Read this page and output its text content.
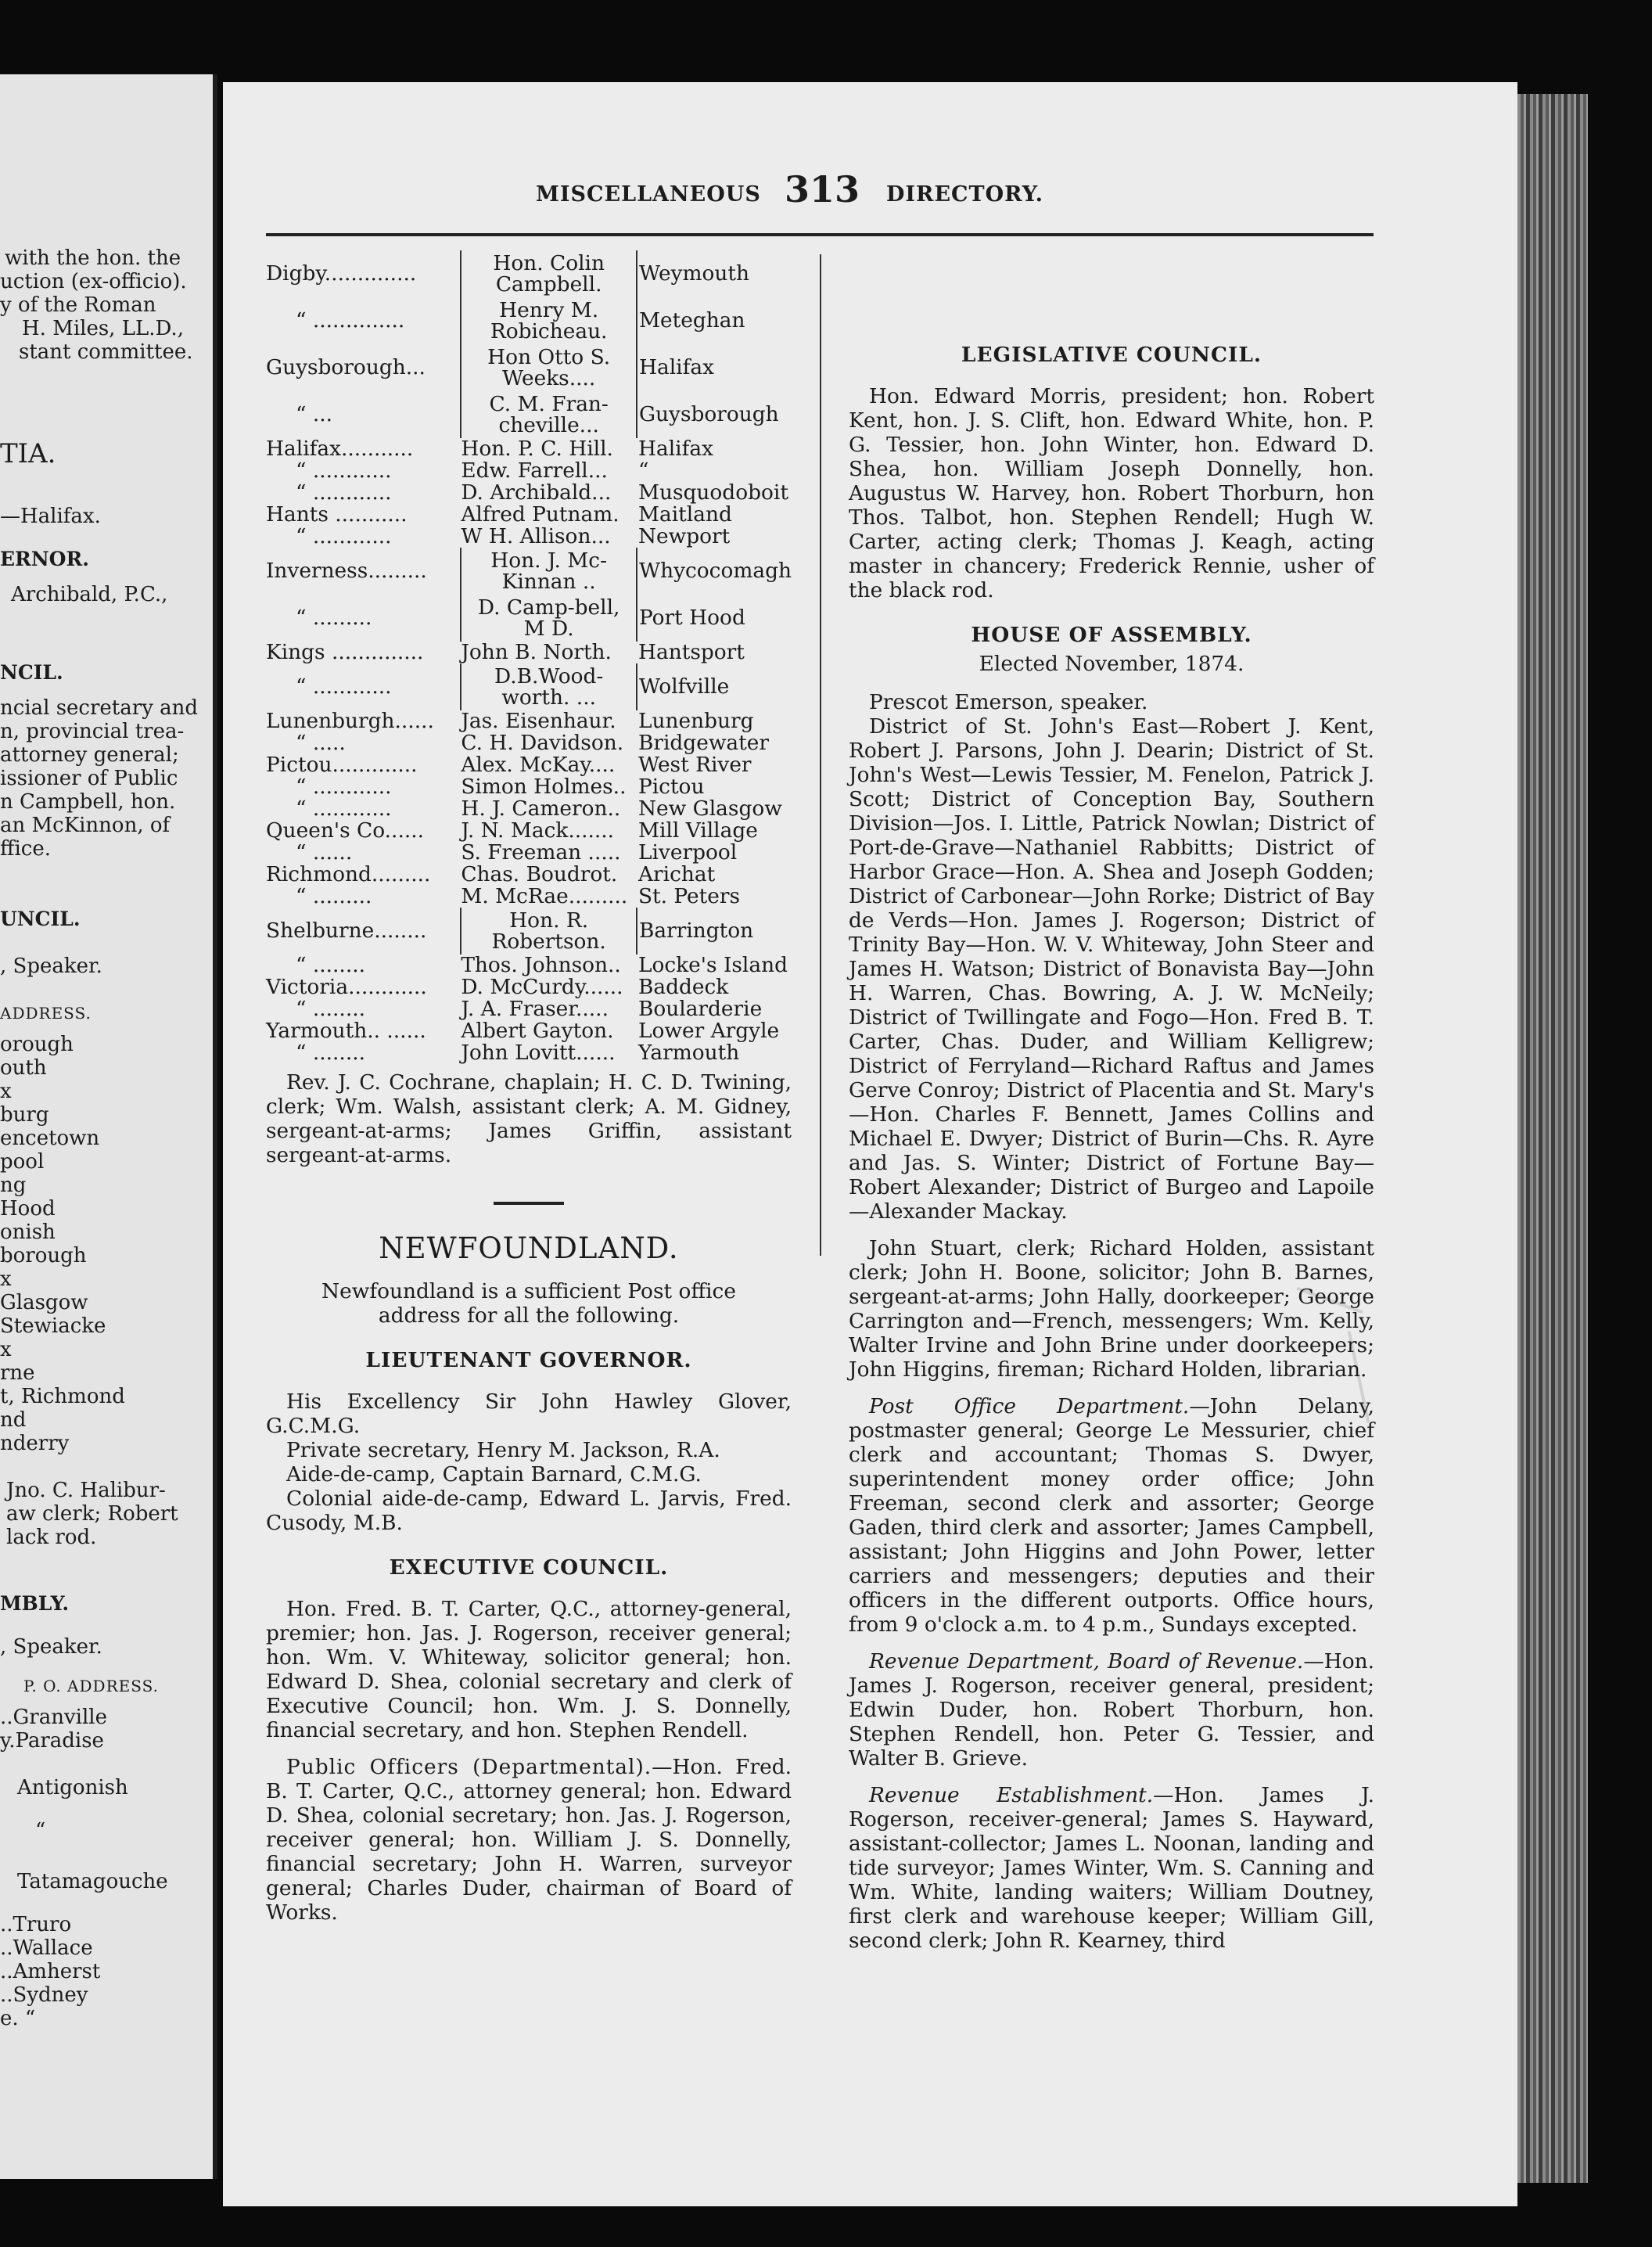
with the hon. the
uction (ex-officio).
y of the Roman
H. Miles, LL.D.,
stant committee.
TIA.
—Halifax.
ERNOR.
Archibald, P.C.,
NCIL.
ncial secretary and
n, provincial trea-
attorney general;
issioner of Public
n Campbell, hon.
an McKinnon, of
ffice.
UNCIL.
, Speaker.
ADDRESS.
orough
outh
x
burg
encetown
pool
ng
Hood
onish
borough
x
Glasgow
Stewiacke
x
rne
t, Richmond
nd
nderry
Jno. C. Halibur-
aw clerk; Robert
lack rod.
MBLY.
, Speaker.
P. O. ADDRESS.
..Granville
y.Paradise
Antigonish
“
Tatamagouche
..Truro
..Wallace
..Amherst
..Sydney
e. “
MISCELLANEOUS 313 DIRECTORY.
Digby..............	Hon. Colin Campbell.	Weymouth
“ ..............	Henry M. Robicheau.	Meteghan
Guysborough...	Hon Otto S. Weeks....	Halifax
“ ...	C. M. Fran-cheville...	Guysborough
Halifax...........	Hon. P. C. Hill.	Halifax
“ ............	Edw. Farrell...	“
“ ............	D. Archibald...	Musquodoboit
Hants ...........	Alfred Putnam.	Maitland
“ ............	W H. Allison...	Newport
Inverness.........	Hon. J. Mc-Kinnan ..	Whycocomagh
“ .........	D. Camp-bell, M D.	Port Hood
Kings ..............	John B. North.	Hantsport
“ ............	D.B.Wood-worth. ...	Wolfville
Lunenburgh......	Jas. Eisenhaur.	Lunenburg
“ .....	C. H. Davidson.	Bridgewater
Pictou.............	Alex. McKay....	West River
“ ............	Simon Holmes..	Pictou
“ ............	H. J. Cameron..	New Glasgow
Queen's Co......	J. N. Mack.......	Mill Village
“ ......	S. Freeman .....	Liverpool
Richmond.........	Chas. Boudrot.	Arichat
“ .........	M. McRae.........	St. Peters
Shelburne........	Hon. R. Robertson.	Barrington
“ ........	Thos. Johnson..	Locke's Island
Victoria............	D. McCurdy......	Baddeck
“ ........	J. A. Fraser.....	Boularderie
Yarmouth.. ......	Albert Gayton.	Lower Argyle
“ ........	John Lovitt......	Yarmouth

Rev. J. C. Cochrane, chaplain; H. C. D. Twining, clerk; Wm. Walsh, assistant clerk; A. M. Gidney, sergeant-at-arms; James Griffin, assistant sergeant-at-arms.

NEWFOUNDLAND.

Newfoundland is a sufficient Post office address for all the following.

LIEUTENANT GOVERNOR.

His Excellency Sir John Hawley Glover, G.C.M.G.

Private secretary, Henry M. Jackson, R.A.

Aide-de-camp, Captain Barnard, C.M.G.

Colonial aide-de-camp, Edward L. Jarvis, Fred. Cusody, M.B.

EXECUTIVE COUNCIL.

Hon. Fred. B. T. Carter, Q.C., attorney-general, premier; hon. Jas. J. Rogerson, receiver general; hon. Wm. V. Whiteway, solicitor general; hon. Edward D. Shea, colonial secretary and clerk of Executive Council; hon. Wm. J. S. Donnelly, financial secretary, and hon. Stephen Rendell.

Public Officers (Departmental).—Hon. Fred. B. T. Carter, Q.C., attorney general; hon. Edward D. Shea, colonial secretary; hon. Jas. J. Rogerson, receiver general; hon. William J. S. Donnelly, financial secretary; John H. Warren, surveyor general; Charles Duder, chairman of Board of Works.

LEGISLATIVE COUNCIL.

Hon. Edward Morris, president; hon. Robert Kent, hon. J. S. Clift, hon. Edward White, hon. P. G. Tessier, hon. John Winter, hon. Edward D. Shea, hon. William Joseph Donnelly, hon. Augustus W. Harvey, hon. Robert Thorburn, hon Thos. Talbot, hon. Stephen Rendell; Hugh W. Carter, acting clerk; Thomas J. Keagh, acting master in chancery; Frederick Rennie, usher of the black rod.

HOUSE OF ASSEMBLY.

Elected November, 1874.

Prescot Emerson, speaker.

District of St. John's East—Robert J. Kent, Robert J. Parsons, John J. Dearin; District of St. John's West—Lewis Tessier, M. Fenelon, Patrick J. Scott; District of Conception Bay, Southern Division—Jos. I. Little, Patrick Nowlan; District of Port-de-Grave—Nathaniel Rabbitts; District of Harbor Grace—Hon. A. Shea and Joseph Godden; District of Carbonear—John Rorke; District of Bay de Verds—Hon. James J. Rogerson; District of Trinity Bay—Hon. W. V. Whiteway, John Steer and James H. Watson; District of Bonavista Bay—John H. Warren, Chas. Bowring, A. J. W. McNeily; District of Twillingate and Fogo—Hon. Fred B. T. Carter, Chas. Duder, and William Kelligrew; District of Ferryland—Richard Raftus and James Gerve Conroy; District of Placentia and St. Mary's—Hon. Charles F. Bennett, James Collins and Michael E. Dwyer; District of Burin—Chs. R. Ayre and Jas. S. Winter; District of Fortune Bay—Robert Alexander; District of Burgeo and Lapoile—Alexander Mackay.

John Stuart, clerk; Richard Holden, assistant clerk; John H. Boone, solicitor; John B. Barnes, sergeant-at-arms; John Hally, doorkeeper; George Carrington and—French, messengers; Wm. Kelly, Walter Irvine and John Brine under doorkeepers; John Higgins, fireman; Richard Holden, librarian.

Post Office Department.—John Delany, postmaster general; George Le Messurier, chief clerk and accountant; Thomas S. Dwyer, superintendent money order office; John Freeman, second clerk and assorter; George Gaden, third clerk and assorter; James Campbell, assistant; John Higgins and John Power, letter carriers and messengers; deputies and their officers in the different outports. Office hours, from 9 o'clock a.m. to 4 p.m., Sundays excepted.

Revenue Department, Board of Revenue.—Hon. James J. Rogerson, receiver general, president; Edwin Duder, hon. Robert Thorburn, hon. Stephen Rendell, hon. Peter G. Tessier, and Walter B. Grieve.

Revenue Establishment.—Hon. James J. Rogerson, receiver-general; James S. Hayward, assistant-collector; James L. Noonan, landing and tide surveyor; James Winter, Wm. S. Canning and Wm. White, landing waiters; William Doutney, first clerk and warehouse keeper; William Gill, second clerk; John R. Kearney, third
